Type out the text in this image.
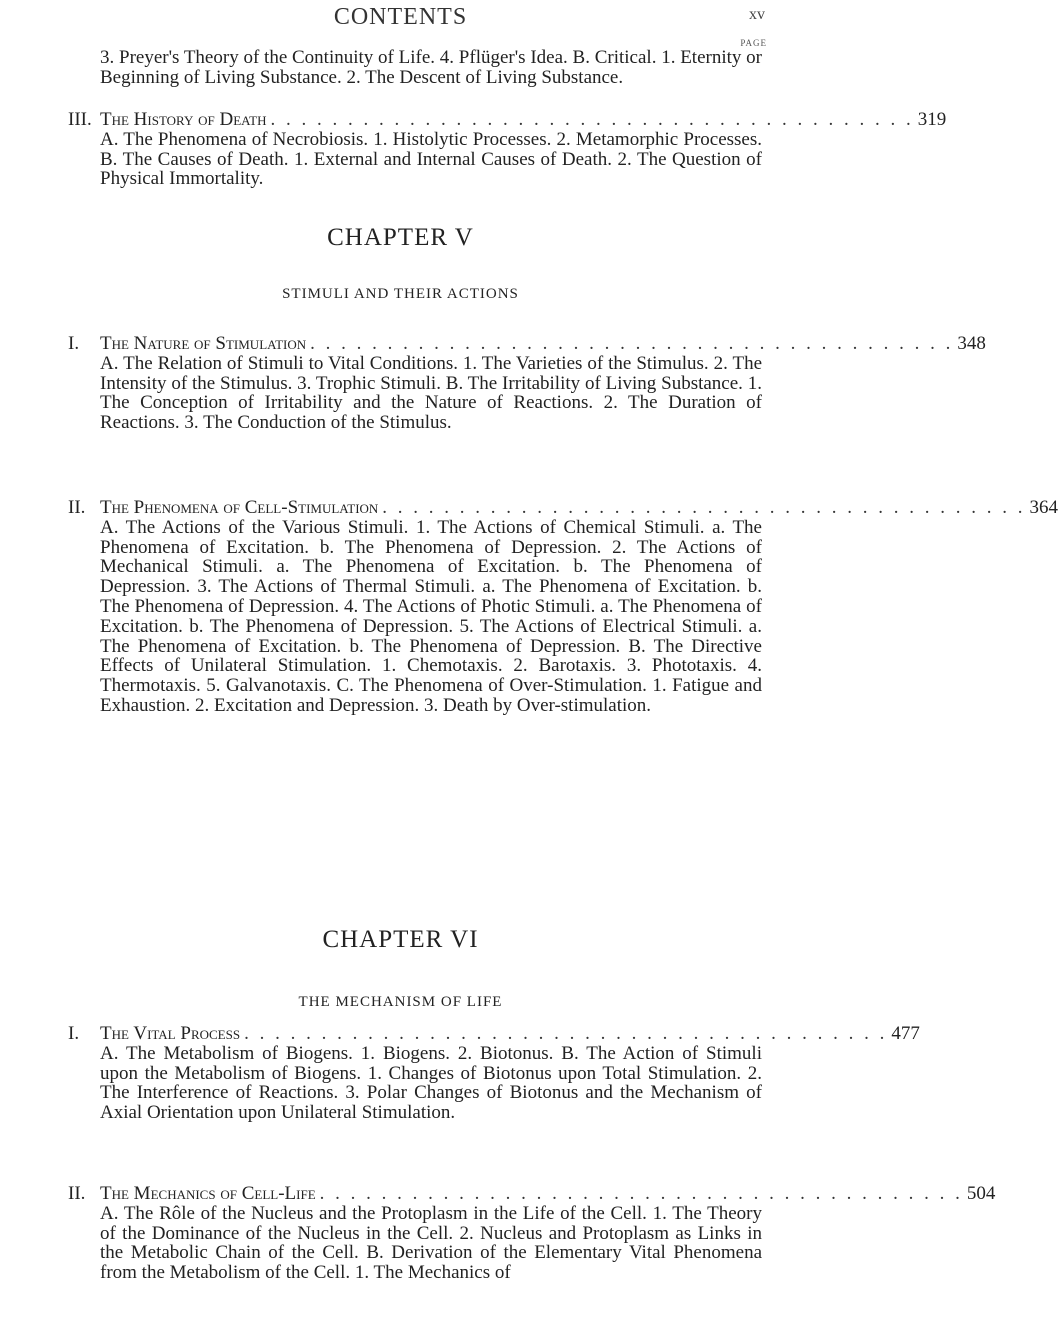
CONTENTS	xv
PAGE
3. Preyer's Theory of the Continuity of Life. 4. Pflüger's Idea. B. Critical. 1. Eternity or Beginning of Living Substance. 2. The Descent of Living Substance.
III. The History of Death . . . . . . . . . . . . . . . . . . . . . . . . . . . . . . . . . . . . . . . . . . 319
A. The Phenomena of Necrobiosis. 1. Histolytic Processes. 2. Metamorphic Processes. B. The Causes of Death. 1. External and Internal Causes of Death. 2. The Question of Physical Immortality.
CHAPTER V
STIMULI AND THEIR ACTIONS
I.	The Nature of Stimulation . . . . . . . . . . . . . . . . . . . . . . . . . . . . . . . . . . . . . . . . . . 348
A. The Relation of Stimuli to Vital Conditions. 1. The Varieties of the Stimulus. 2. The Intensity of the Stimulus. 3. Trophic Stimuli. B. The Irritability of Living Substance. 1. The Conception of Irritability and the Nature of Reactions. 2. The Duration of Reactions. 3. The Conduction of the Stimulus.
II. The Phenomena of Cell-Stimulation . . . . . . . . . . . . . . . . . . . . . . . . . . . . . . . . . . . . . . . . . . 364
A. The Actions of the Various Stimuli. 1. The Actions of Chemical Stimuli. a. The Phenomena of Excitation. b. The Phenomena of Depression. 2. The Actions of Mechanical Stimuli. a. The Phenomena of Excitation. b. The Phenomena of Depression. 3. The Actions of Thermal Stimuli. a. The Phenomena of Excitation. b. The Phenomena of Depression. 4. The Actions of Photic Stimuli. a. The Phenomena of Excitation. b. The Phenomena of Depression. 5. The Actions of Electrical Stimuli. a. The Phenomena of Excitation. b. The Phenomena of Depression. B. The Directive Effects of Unilateral Stimulation. 1. Chemotaxis. 2. Barotaxis. 3. Phototaxis. 4. Thermotaxis. 5. Galvanotaxis. C. The Phenomena of Over-Stimulation. 1. Fatigue and Exhaustion. 2. Excitation and Depression. 3. Death by Over-stimulation.
CHAPTER VI
THE MECHANISM OF LIFE
I.	The Vital Process . . . . . . . . . . . . . . . . . . . . . . . . . . . . . . . . . . . . . . . . . . 477
A. The Metabolism of Biogens. 1. Biogens. 2. Biotonus. B. The Action of Stimuli upon the Metabolism of Biogens. 1. Changes of Biotonus upon Total Stimulation. 2. The Interference of Reactions. 3. Polar Changes of Biotonus and the Mechanism of Axial Orientation upon Unilateral Stimulation.
II. The Mechanics of Cell-Life . . . . . . . . . . . . . . . . . . . . . . . . . . . . . . . . . . . . . . . . . . 504
A. The Rôle of the Nucleus and the Protoplasm in the Life of the Cell. 1. The Theory of the Dominance of the Nucleus in the Cell. 2. Nucleus and Protoplasm as Links in the Metabolic Chain of the Cell. B. Derivation of the Elementary Vital Phenomena from the Metabolism of the Cell. 1. The Mechanics of
